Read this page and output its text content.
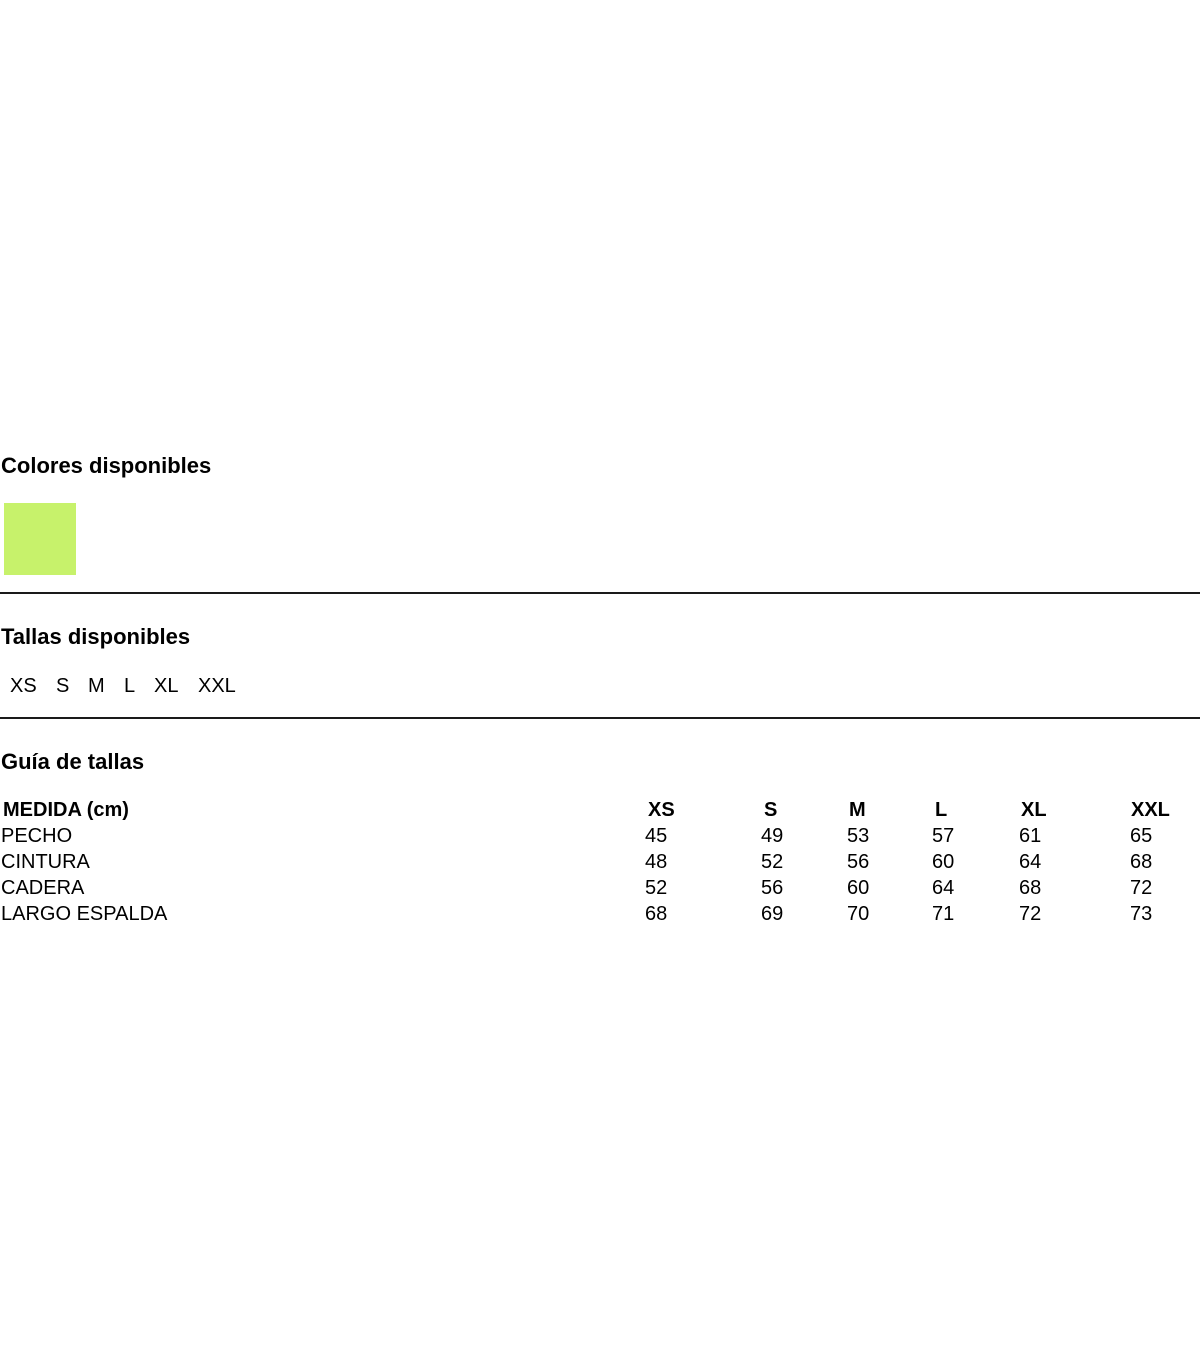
Colores disponibles
Tallas disponibles
XS S M L XL XXL
Guía de tallas
MEDIDA (cm)	XS	S	M	L	XL	XXL
PECHO	45	49	53	57	61	65
CINTURA	48	52	56	60	64	68
CADERA	52	56	60	64	68	72
LARGO ESPALDA	68	69	70	71	72	73
